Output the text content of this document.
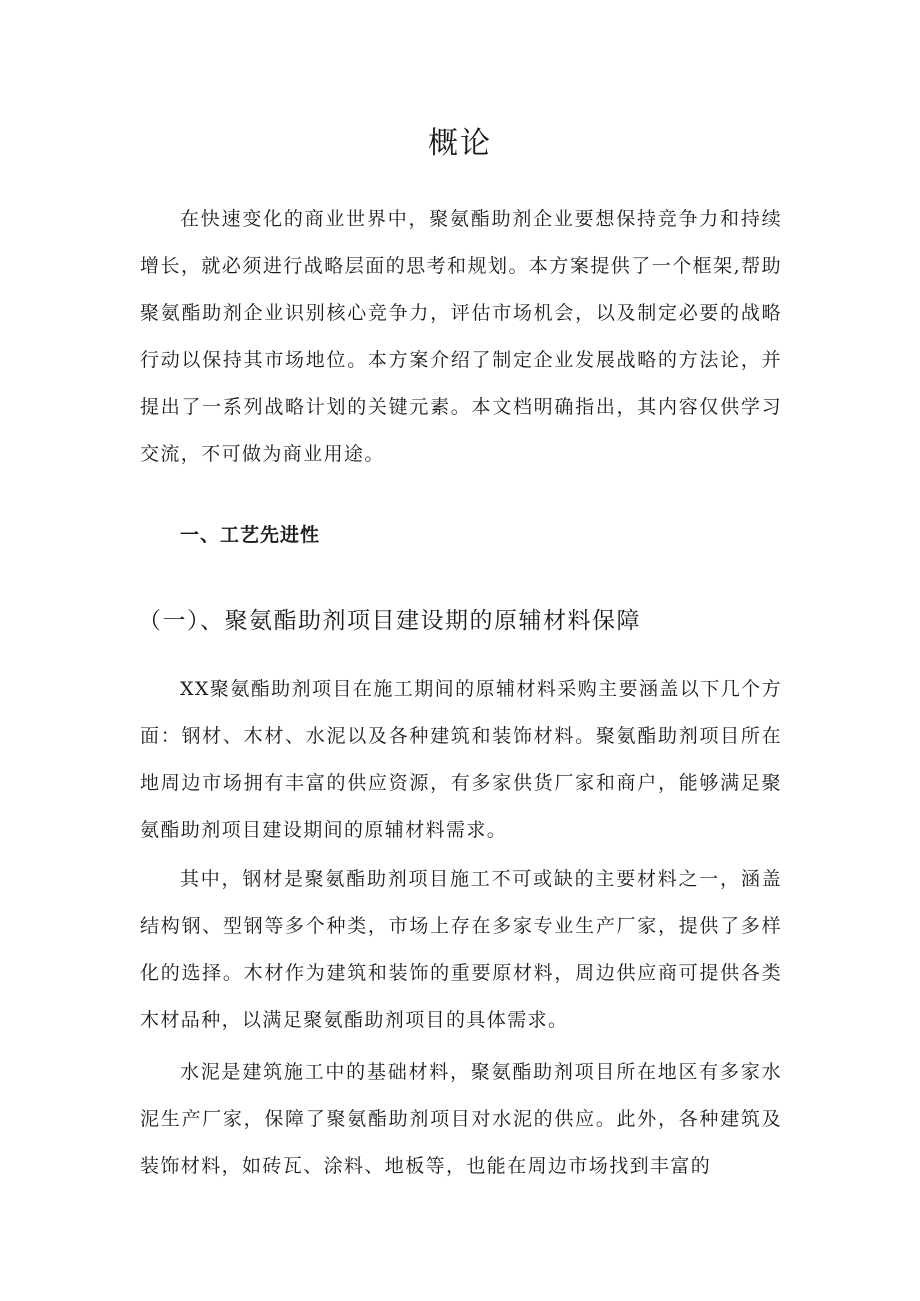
概论

在快速变化的商业世界中，聚氨酯助剂企业要想保持竞争力和持续增长，就必须进行战略层面的思考和规划。本方案提供了一个框架,帮助聚氨酯助剂企业识别核心竞争力，评估市场机会，以及制定必要的战略行动以保持其市场地位。本方案介绍了制定企业发展战略的方法论，并提出了一系列战略计划的关键元素。本文档明确指出，其内容仅供学习交流，不可做为商业用途。

一、工艺先进性
（一）、聚氨酯助剂项目建设期的原辅材料保障

XX聚氨酯助剂项目在施工期间的原辅材料采购主要涵盖以下几个方面：钢材、木材、水泥以及各种建筑和装饰材料。聚氨酯助剂项目所在地周边市场拥有丰富的供应资源，有多家供货厂家和商户，能够满足聚氨酯助剂项目建设期间的原辅材料需求。

其中，钢材是聚氨酯助剂项目施工不可或缺的主要材料之一，涵盖结构钢、型钢等多个种类，市场上存在多家专业生产厂家，提供了多样化的选择。木材作为建筑和装饰的重要原材料，周边供应商可提供各类木材品种，以满足聚氨酯助剂项目的具体需求。

水泥是建筑施工中的基础材料，聚氨酯助剂项目所在地区有多家水泥生产厂家，保障了聚氨酯助剂项目对水泥的供应。此外，各种建筑及装饰材料，如砖瓦、涂料、地板等，也能在周边市场找到丰富的
